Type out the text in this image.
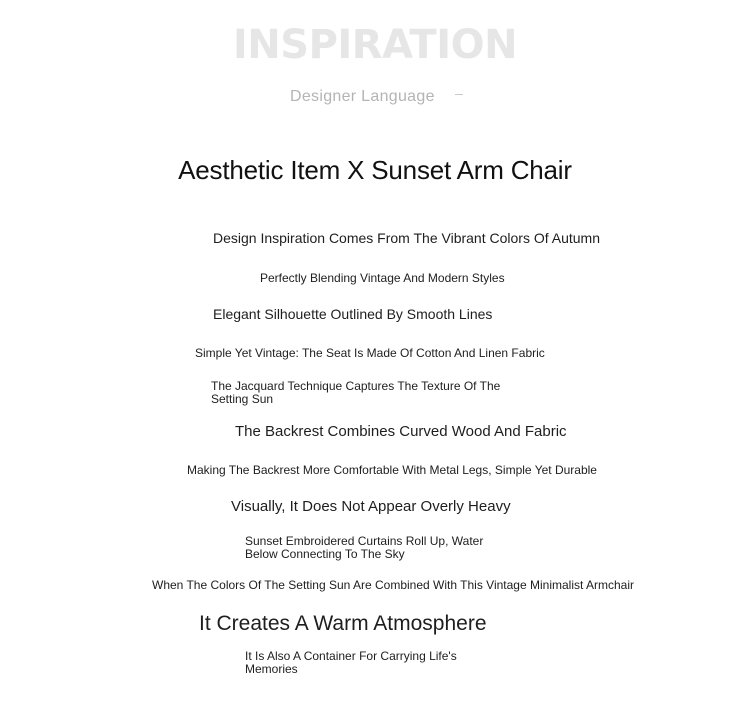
INSPIRATION
Designer Language
Aesthetic Item X Sunset Arm Chair
Design Inspiration Comes From The Vibrant Colors Of Autumn
Perfectly Blending Vintage And Modern Styles
Elegant Silhouette Outlined By Smooth Lines
Simple Yet Vintage: The Seat Is Made Of Cotton And Linen Fabric
The Jacquard Technique Captures The Texture Of The Setting Sun
The Backrest Combines Curved Wood And Fabric
Making The Backrest More Comfortable With Metal Legs, Simple Yet Durable
Visually, It Does Not Appear Overly Heavy
Sunset Embroidered Curtains Roll Up, Water Below Connecting To The Sky
When The Colors Of The Setting Sun Are Combined With This Vintage Minimalist Armchair
It Creates A Warm Atmosphere
It Is Also A Container For Carrying Life's Memories
